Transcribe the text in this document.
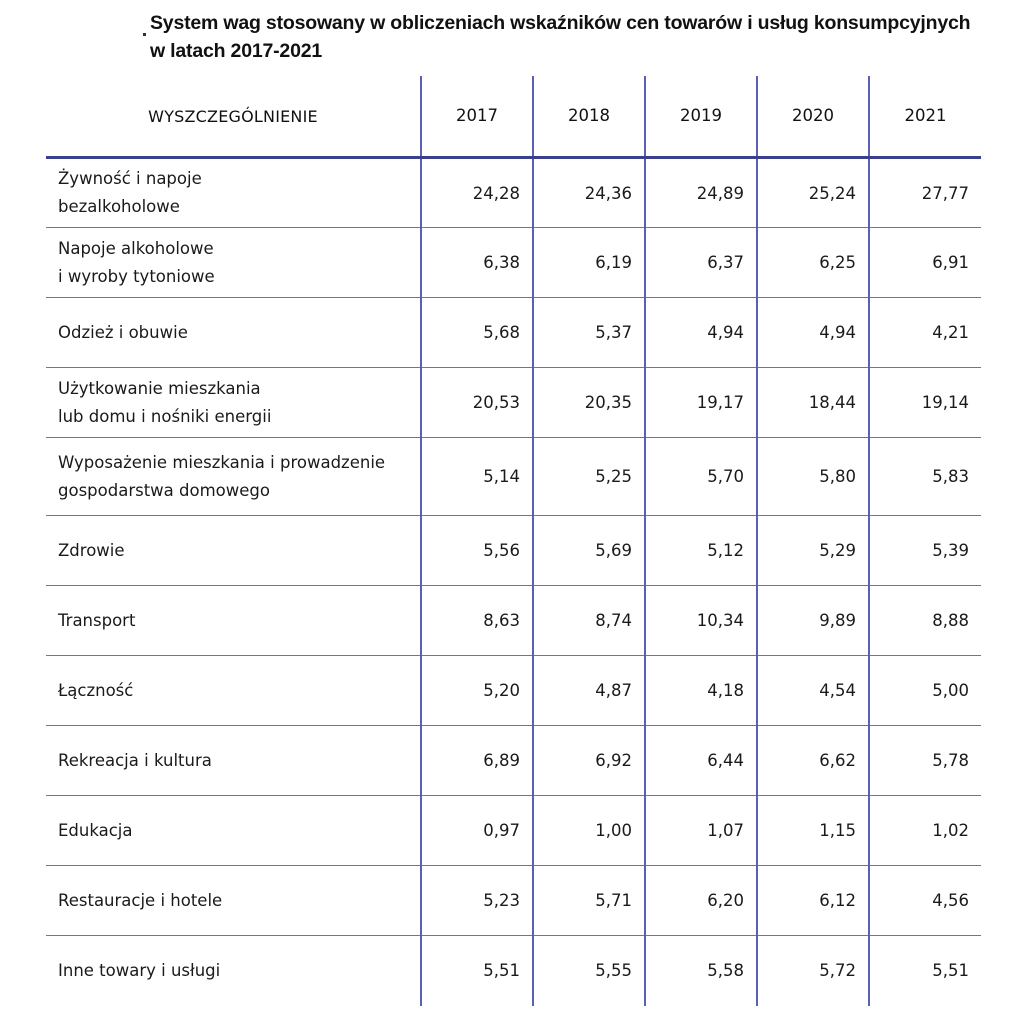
System wag stosowany w obliczeniach wskaźników cen towarów i usług konsumpcyjnych
w latach 2017-2021
WYSZCZEGÓLNIENIE	2017	2018	2019	2020	2021
Żywność i napoje
bezalkoholowe	24,28	24,36	24,89	25,24	27,77
Napoje alkoholowe
i wyroby tytoniowe	6,38	6,19	6,37	6,25	6,91
Odzież i obuwie	5,68	5,37	4,94	4,94	4,21
Użytkowanie mieszkania
lub domu i nośniki energii	20,53	20,35	19,17	18,44	19,14
Wyposażenie mieszkania i prowadzenie
gospodarstwa domowego	5,14	5,25	5,70	5,80	5,83
Zdrowie	5,56	5,69	5,12	5,29	5,39
Transport	8,63	8,74	10,34	9,89	8,88
Łączność	5,20	4,87	4,18	4,54	5,00
Rekreacja i kultura	6,89	6,92	6,44	6,62	5,78
Edukacja	0,97	1,00	1,07	1,15	1,02
Restauracje i hotele	5,23	5,71	6,20	6,12	4,56
Inne towary i usługi	5,51	5,55	5,58	5,72	5,51
